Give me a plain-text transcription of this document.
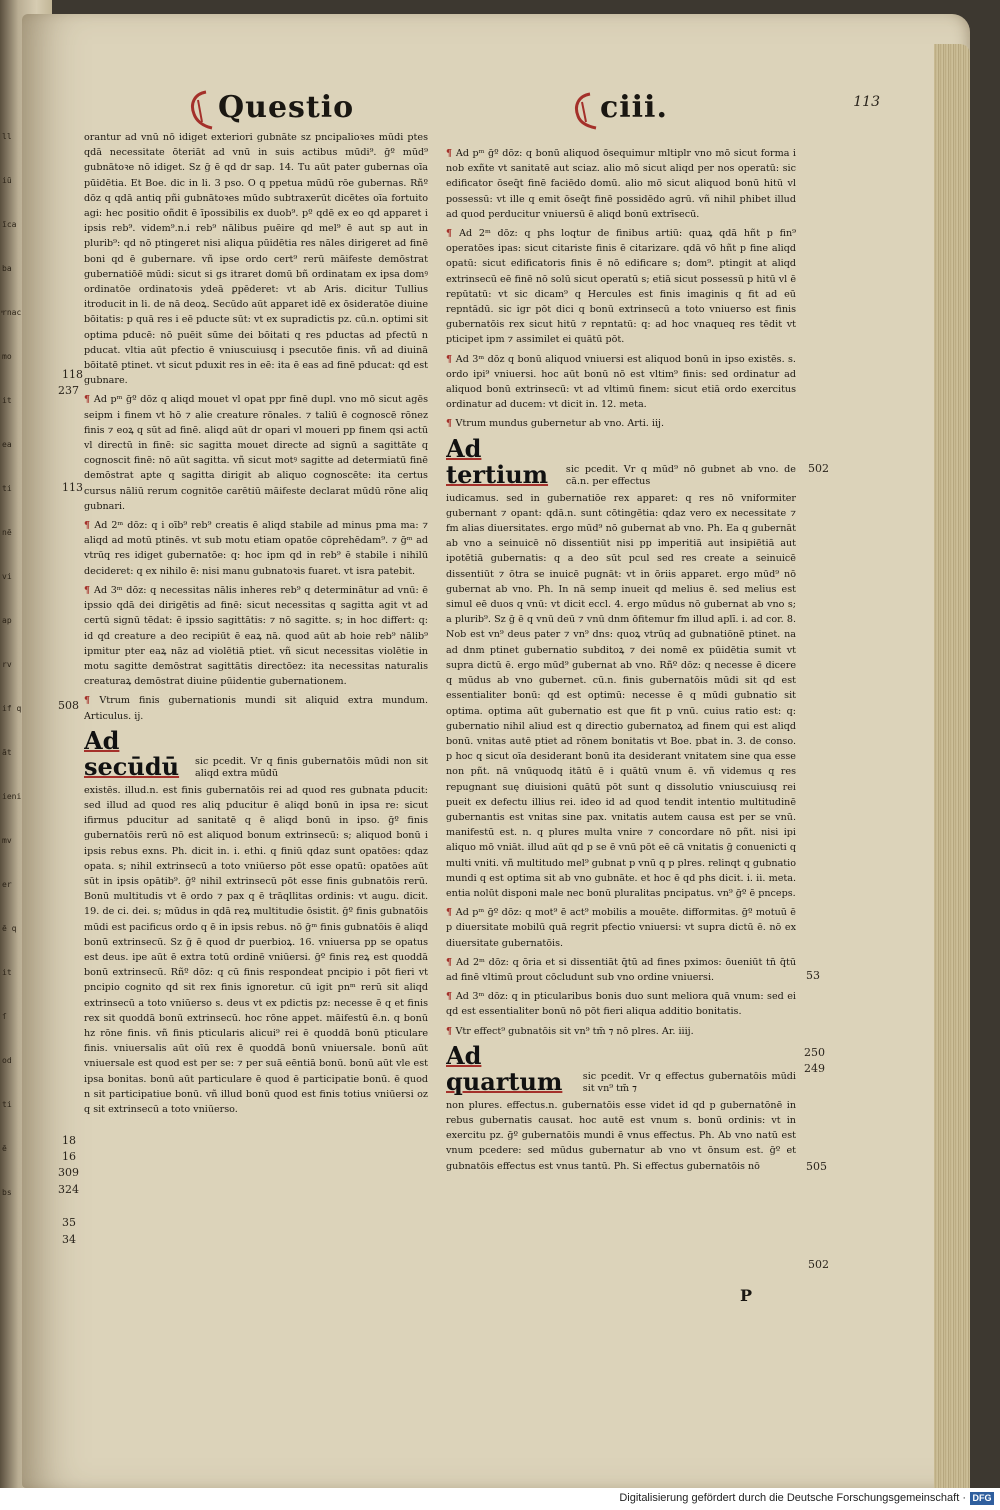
ll
iū
īca
ba
ͤrnac
mo
it
ea
ti
nē
vi
ap
rv
if q
āt
ieni
mv
er
ē q
it
ſ
od
ti
ē
bs
Questio	ciii.	113

orantur ad vnū nō idiget exteriori gubnāte sz pncipalioꝛes mūdi ptes qdā necessitate ōteriāt ad vnū in suis actibus mūdi⁹. ḡº mūd⁹ gubnātoꝛe nō idiget. Sz ḡ ē qd dr sap. 14. Tu aūt pater gubernas oīa pūidētia. Et Boe. dic in li. 3 pso. O q ppetua mūdū rōe gubernas. Rñº dōz q qdā antiq pñi gubnātoꝛes mūdo subtraxerūt dicētes oīa fortuito agi: hec positio oñdit ē īpossibilis ex duob⁹. pº qdē ex eo qd apparet i ipsis reb⁹. videm⁹.n.i reb⁹ nālibus puēire qd mel⁹ ē aut sp aut in plurib⁹: qd nō ptingeret nisi aliqua pūidētia res nāles dirigeret ad finē boni qd ē gubernare. vñ ipse ordo cert⁹ rerū māifeste demōstrat gubernatiōē mūdi: sicut si gs itraret domū bñ ordinatam ex ipsa domꝰ ordinatōe ordinatoꝛis ydeā ꝑpēderet: vt ab Aris. dicitur Tullius itroducit in li. de nā deoꝝ. Secūdo aūt apparet idē ex ōsideratōe diuine bōitatis: p quā res i eē pducte sūt: vt ex supradictis pz. cū.n. optimi sit optima pducē: nō puēit sūme dei bōitati q res pductas ad pfectū n pducat. vltia aūt pfectio ē vniuscuiusq i psecutōe finis. vñ ad diuinā bōitatē ptinet. vt sicut pduxit res in eē: ita ē eas ad finē pducat: qd est gubnare.

¶ Ad pᵐ ḡº dōz q aliqd mouet vl opat ppr finē dupl. vno mō sicut agēs seipm i finem vt hō ⁊ alie creature rōnales. ⁊ taliū ē cognoscē rōnez finis ⁊ eoꝝ q sūt ad finē. aliqd aūt dr opari vl moueri pp finem qsi actū vl directū in finē: sic sagitta mouet directe ad signū a sagittāte q cognoscit finē: nō aūt sagitta. vñ sicut motꝰ sagitte ad determiatū finē demōstrat apte q sagitta dirigit ab aliquo cognoscēte: ita certus cursus nāliū rerum cognitōe carētiū māifeste declarat mūdū rōne aliq gubnari.

¶ Ad 2ᵐ dōz: q i oīb⁹ reb⁹ creatis ē aliqd stabile ad minus pma ma: ⁊ aliqd ad motū ptinēs. vt sub motu etiam opatōe cōprehēdam⁹. ⁊ ḡᵐ ad vtrūq res idiget gubernatōe: q: hoc ipm qd in reb⁹ ē stabile i nihilū decideret: q ex nihilo ē: nisi manu gubnatoꝛis fuaret. vt isra patebit.

¶ Ad 3ᵐ dōz: q necessitas nālis inheres reb⁹ q determinātur ad vnū: ē ipssio qdā dei dirigētis ad finē: sicut necessitas q sagitta agit vt ad certū signū tēdat: ē ipssio sagittātis: ⁊ nō sagitte. s; in hoc differt: q: id qd creature a deo recipiūt ē eaꝝ nā. quod aūt ab hoie reb⁹ nālib⁹ ipmitur pter eaꝝ nāz ad violētiā ptiet. vñ sicut necessitas violētie in motu sagitte demōstrat sagittātis directōez: ita necessitas naturalis creaturaꝝ demōstrat diuine pūidentie gubernationem.

¶ Vtrum finis gubernationis mundi sit aliquid extra mundum. Articulus. ij.

Ad secūdū	sic pcedit. Vr q finis gubernatōis mūdi non sit aliqd extra mūdū

existēs. illud.n. est finis gubernatōis rei ad quod res gubnata pducit: sed illud ad quod res aliq pducitur ē aliqd bonū in ipsa re: sicut ifirmus pducitur ad sanitatē q ē aliqd bonū in ipso. ḡº finis gubernatōis rerū nō est aliquod bonum extrinsecū: s; aliquod bonū i ipsis rebus exns. Ph. dicit in. i. ethi. q finiū qdaz sunt opatōes: qdaz opata. s; nihil extrinsecū a toto vniūerso pōt esse opatū: opatōes aūt sūt in ipsis opātib⁹. ḡº nihil extrinsecū pōt esse finis gubnatōis rerū. Bonū multitudis vt ē ordo ⁊ pax q ē trāqllitas ordinis: vt augu. dicit. 19. de ci. dei. s; mūdus in qdā reꝝ multitudie ōsistit. ḡº finis gubnatōis mūdi est pacificus ordo q ē in ipsis rebus. nō ḡᵐ finis gubnatōis ē aliqd bonū extrinsecū. Sz ḡ ē quod dr puerbioꝝ. 16. vniuersa pp se opatus est deus. ipe aūt ē extra totū ordinē vniūersi. ḡº finis reꝝ est quoddā bonū extrinsecū. Rñº dōz: q cū finis respondeat pncipio i pōt fieri vt pncipio cognito qd sit rex finis ignoretur. cū igit pnᵐ rerū sit aliqd extrinsecū a toto vniūerso s. deus vt ex pdictis pz: necesse ē q et finis rex sit quoddā bonū extrinsecū. hoc rōne appet. māifestū ē.n. q bonū hz rōne finis. vñ finis pticularis alicui⁹ rei ē quoddā bonū pticulare finis. vniuersalis aūt oīū rex ē quoddā bonū vniuersale. bonū aūt vniuersale est quod est per se: ⁊ per suā eēntiā bonū. bonū aūt vle est ipsa bonitas. bonū aūt particulare ē quod ē participatie bonū. ē quod n sit participatiue bonū. vñ illud bonū quod est finis totius vniūersi oz q sit extrinsecū a toto vniūerso.

¶ Ad pᵐ ḡº dōz: q bonū aliquod ōsequimur mltiplr vno mō sicut forma i nob exñte vt sanitatē aut sciaz. alio mō sicut aliqd per nos operatū: sic edificator ōseq̄t finē faciēdo domū. alio mō sicut aliquod bonū hitū vl possessū: vt ille q emit ōseq̄t finē possidēdo agrū. vñ nihil phibet illud ad quod perducitur vniuersū ē aliqd bonū extrīsecū.

¶ Ad 2ᵐ dōz: q phs loqtur de finibus artiū: quaꝝ qdā hñt p fin⁹ operatōes ipas: sicut citariste finis ē citarizare. qdā vō hñt p fine aliqd opatū: sicut edificatoris finis ē nō edificare s; dom⁹. ptingit at aliqd extrinsecū eē finē nō solū sicut operatū s; etiā sicut possessū p hitū vl ē repūtatū: vt sic dicam⁹ q Hercules est finis imaginis q fit ad eū repntādū. sic igr pōt dici q bonū extrinsecū a toto vniuerso est finis gubernatōis rex sicut hitū ⁊ repntatū: q: ad hoc vnaqueq res tēdit vt pticipet ipm ⁊ assimilet ei quātū pōt.

¶ Ad 3ᵐ dōz q bonū aliquod vniuersi est aliquod bonū in ipso existēs. s. ordo ipi⁹ vniuersi. hoc aūt bonū nō est vltim⁹ finis: sed ordinatur ad aliquod bonū extrinsecū: vt ad vltimū finem: sicut etiā ordo exercitus ordinatur ad ducem: vt dicit in. 12. meta.

¶ Vtrum mundus gubernetur ab vno. Arti. iij.

Ad tertium	sic pcedit. Vr q mūd⁹ nō gubnet ab vno. de cā.n. per effectus

iudicamus. sed in gubernatiōe rex apparet: q res nō vniformiter gubernant ⁊ opant: qdā.n. sunt cōtingētia: qdaz vero ex necessitate ⁊ fm alias diuersitates. ergo mūd⁹ nō gubernat ab vno. Ph. Ea q gubernāt ab vno a seinuicē nō dissentiūt nisi pp imperitiā aut insipiētiā aut ipotētiā gubernatis: q a deo sūt pcul sed res create a seinuicē dissentiūt ⁊ ōtra se inuicē pugnāt: vt in ōriis apparet. ergo mūd⁹ nō gubernat ab vno. Ph. In nā semp inueit qd melius ē. sed melius est simul eē duos q vnū: vt dicit eccl. 4. ergo mūdus nō gubernat ab vno s; a plurib⁹. Sz ḡ ē q vnū deū ⁊ vnū dnm ōfitemur fm illud aplī. i. ad cor. 8. Nob est vn⁹ deus pater ⁊ vn⁹ dns: quoꝝ vtrūq ad gubnatiōnē ptinet. na ad dnm ptinet gubernatio subditoꝝ ⁊ dei nomē ex pūidētia sumit vt supra dictū ē. ergo mūd⁹ gubernat ab vno. Rñº dōz: q necesse ē dicere q mūdus ab vno gubernet. cū.n. finis gubernatōis mūdi sit qd est essentialiter bonū: qd est optimū: necesse ē q mūdi gubnatio sit optima. optima aūt gubernatio est que fit p vnū. cuius ratio est: q: gubernatio nihil aliud est q directio gubernatoꝝ ad finem qui est aliqd bonū. vnitas autē ptiet ad rōnem bonitatis vt Boe. pbat in. 3. de conso. p hoc q sicut oīa desiderant bonū ita desiderant vnitatem sine qua esse non pñt. nā vnūquodq itātū ē i quātū vnum ē. vñ videmus q res repugnant suę diuisioni quātū pōt sunt q dissolutio vniuscuiusq rei pueit ex defectu illius rei. ideo id ad quod tendit intentio multitudinē gubernantis est vnitas sine pax. vnitatis autem causa est per se vnū. manifestū est. n. q plures multa vnire ⁊ concordare nō pñt. nisi ipi aliquo mō vniāt. illud aūt qd p se ē vnū pōt eē cā vnitatis ḡ conuenicti q multi vniti. vñ multitudo mel⁹ gubnat p vnū q p plres. relinqt q gubnatio mundi q est optima sit ab vno gubnāte. et hoc ē qd phs dicit. i. ii. meta. entia nolūt disponi male nec bonū pluralitas pncipatus. vn⁹ ḡº ē pnceps.

¶ Ad pᵐ ḡº dōz: q mot⁹ ē act⁹ mobilis a mouēte. difformitas. ḡº motuū ē p diuersitate mobilū quā regrit pfectio vniuersi: vt supra dictū ē. nō ex diuersitate gubernatōis.

¶ Ad 2ᵐ dōz: q ōria et si dissentiāt q̄tū ad fines pximos: ōueniūt tn̄ q̄tū ad finē vltimū prout cōcludunt sub vno ordine vniuersi.

¶ Ad 3ᵐ dōz: q in pticularibus bonis duo sunt meliora quā vnum: sed ei qd est essentialiter bonū nō pōt fieri aliqua additio bonitatis.

¶ Vtr effect⁹ gubnatōis sit vn⁹ tm̄ ⁊ nō plres. Ar. iiij.

Ad quartum	sic pcedit. Vr q effectus gubernatōis mūdi sit vn⁹ tm̄ ⁊

non plures. effectus.n. gubernatōis esse videt id qd p gubernatōnē in rebus gubernatis causat. hoc autē est vnum s. bonū ordinis: vt in exercitu pz. ḡº gubernatōis mundi ē vnus effectus. Ph. Ab vno natū est vnum pcedere: sed mūdus gubernatur ab vno vt ōnsum est. ḡº et gubnatōis effectus est vnus tantū. Ph. Si effectus gubernatōis nō

118
237
113
508
18
16
309
324
35
34
502
53
250
249
505
502
P
Digitalisierung gefördert durch die Deutsche Forschungsgemeinschaft · DFG
